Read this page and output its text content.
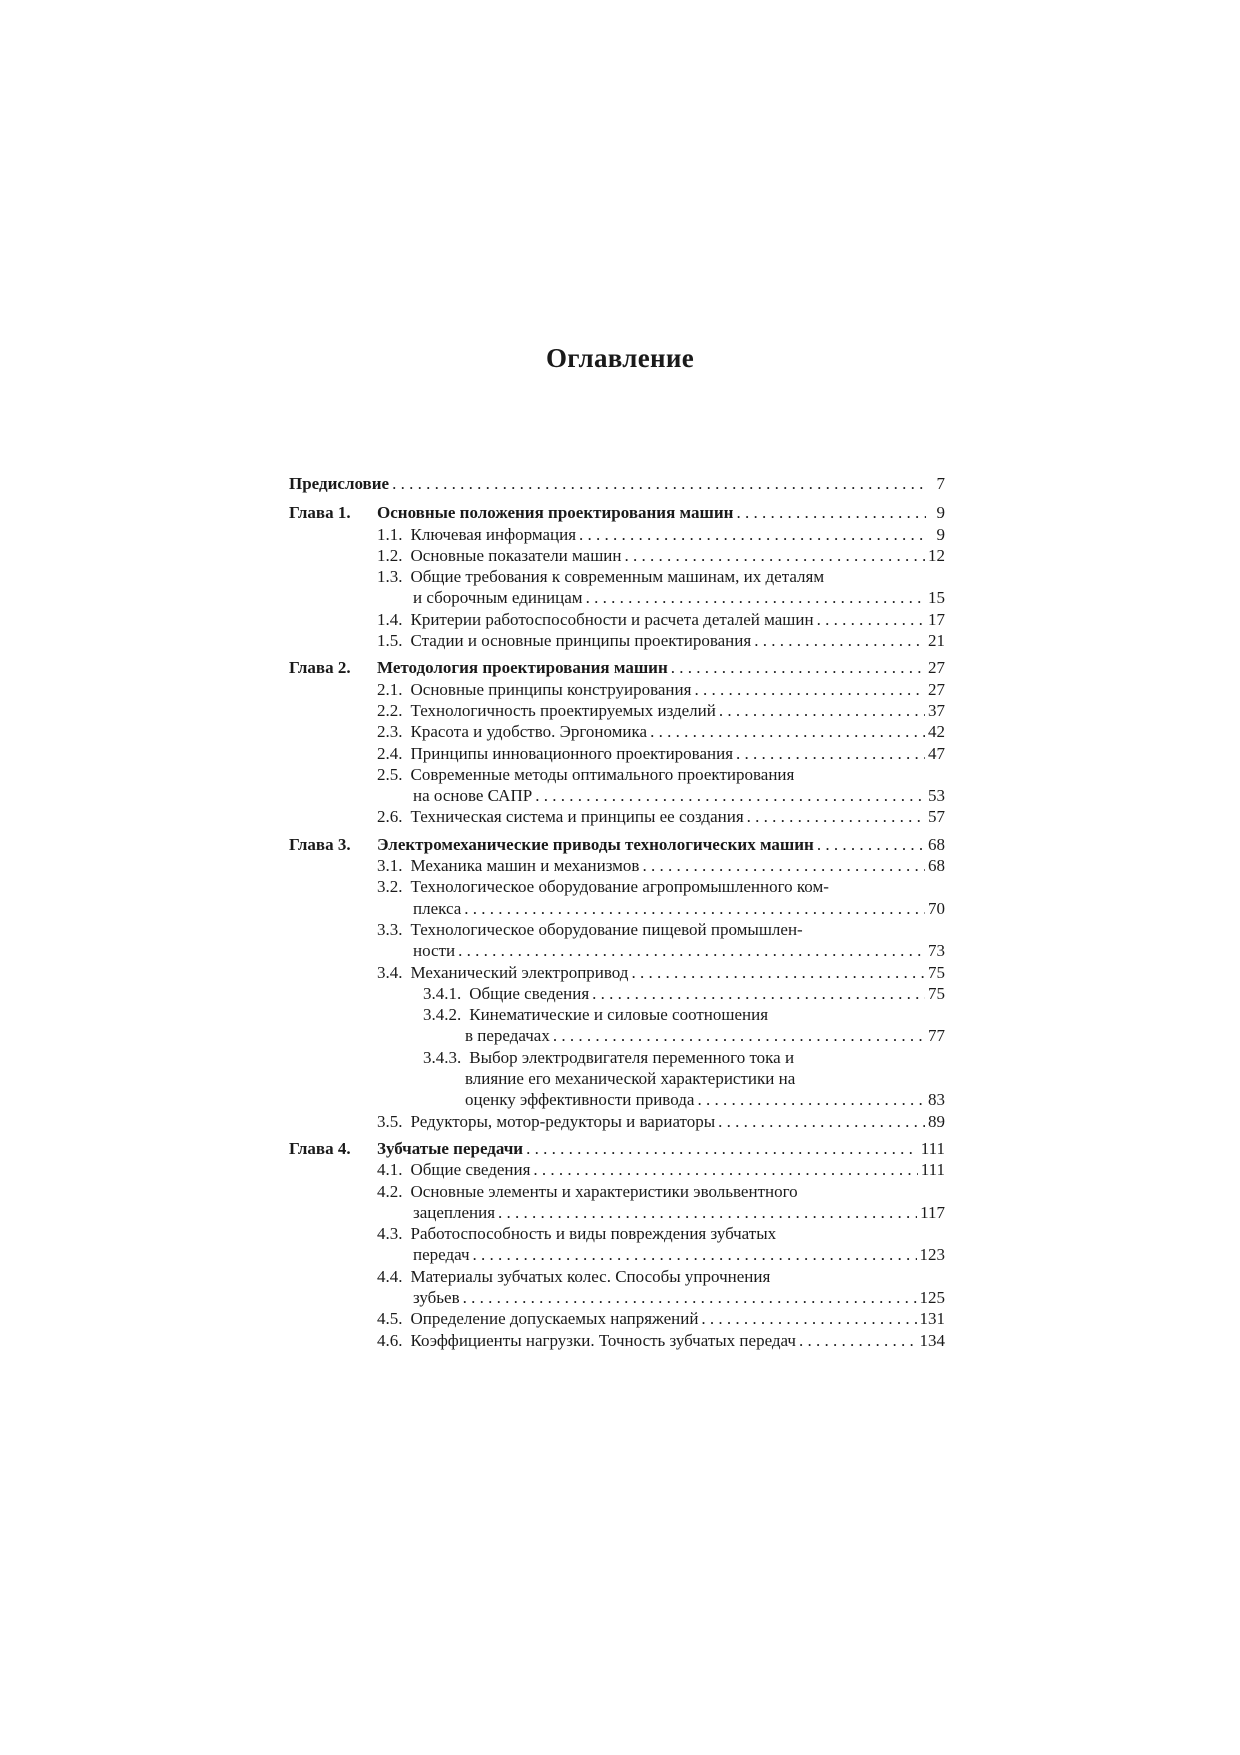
Оглавление
Предисловие . . .	7
Глава 1.	Основные положения проектирования машин . . .	9
1.1. Ключевая информация . . .	9
1.2. Основные показатели машин . . .	12
1.3. Общие требования к современным машинам, их деталям
и сборочным единицам . . .	15
1.4. Критерии работоспособности и расчета деталей машин . . .	17
1.5. Стадии и основные принципы проектирования . . .	21
Глава 2.	Методология проектирования машин . . .	27
2.1. Основные принципы конструирования . . .	27
2.2. Технологичность проектируемых изделий . . .	37
2.3. Красота и удобство. Эргономика . . .	42
2.4. Принципы инновационного проектирования . . .	47
2.5. Современные методы оптимального проектирования
на основе САПР . . .	53
2.6. Техническая система и принципы ее создания . . .	57
Глава 3.	Электромеханические приводы технологических машин . . .	68
3.1. Механика машин и механизмов . . .	68
3.2. Технологическое оборудование агропромышленного ком-
плекса . . .	70
3.3. Технологическое оборудование пищевой промышлен-
ности . . .	73
3.4. Механический электропривод . . .	75
3.4.1. Общие сведения . . .	75
3.4.2. Кинематические и силовые соотношения
в передачах . . .	77
3.4.3. Выбор электродвигателя переменного тока и
влияние его механической характеристики на
оценку эффективности привода . . .	83
3.5. Редукторы, мотор-редукторы и вариаторы . . .	89
Глава 4.	Зубчатые передачи . . .	111
4.1. Общие сведения . . .	111
4.2. Основные элементы и характеристики эвольвентного
зацепления . . .	117
4.3. Работоспособность и виды повреждения зубчатых
передач . . .	123
4.4. Материалы зубчатых колес. Способы упрочнения
зубьев . . .	125
4.5. Определение допускаемых напряжений . . .	131
4.6. Коэффициенты нагрузки. Точность зубчатых передач . . .	134
